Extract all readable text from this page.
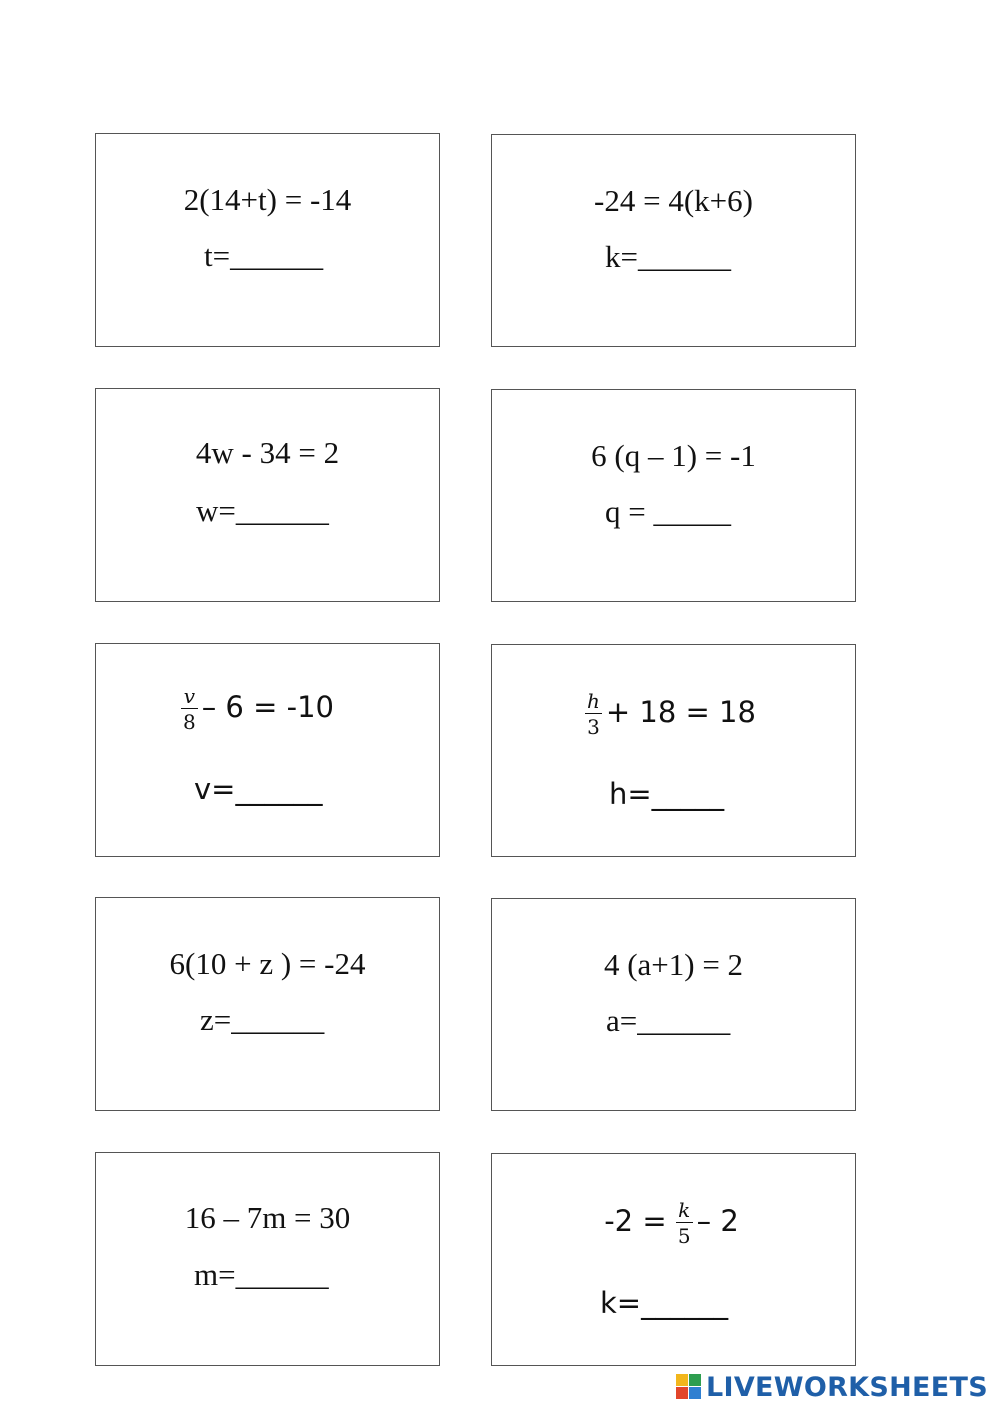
2(14+t) = -14
t=______
-24 = 4(k+6)
k=______
4w - 34 = 2
w=______
6 (q – 1) = -1
q = _____
$\frac{v}{8} - 6 = -10$
v=______
$\frac{h}{3} + 18 = 18$
h=_____
6(10 + z ) = -24
z=______
4 (a+1) = 2
a=______
16 – 7m = 30
m=______
$-2 = \frac{k}{5} - 2$
k=______
LIVEWORKSHEETS
